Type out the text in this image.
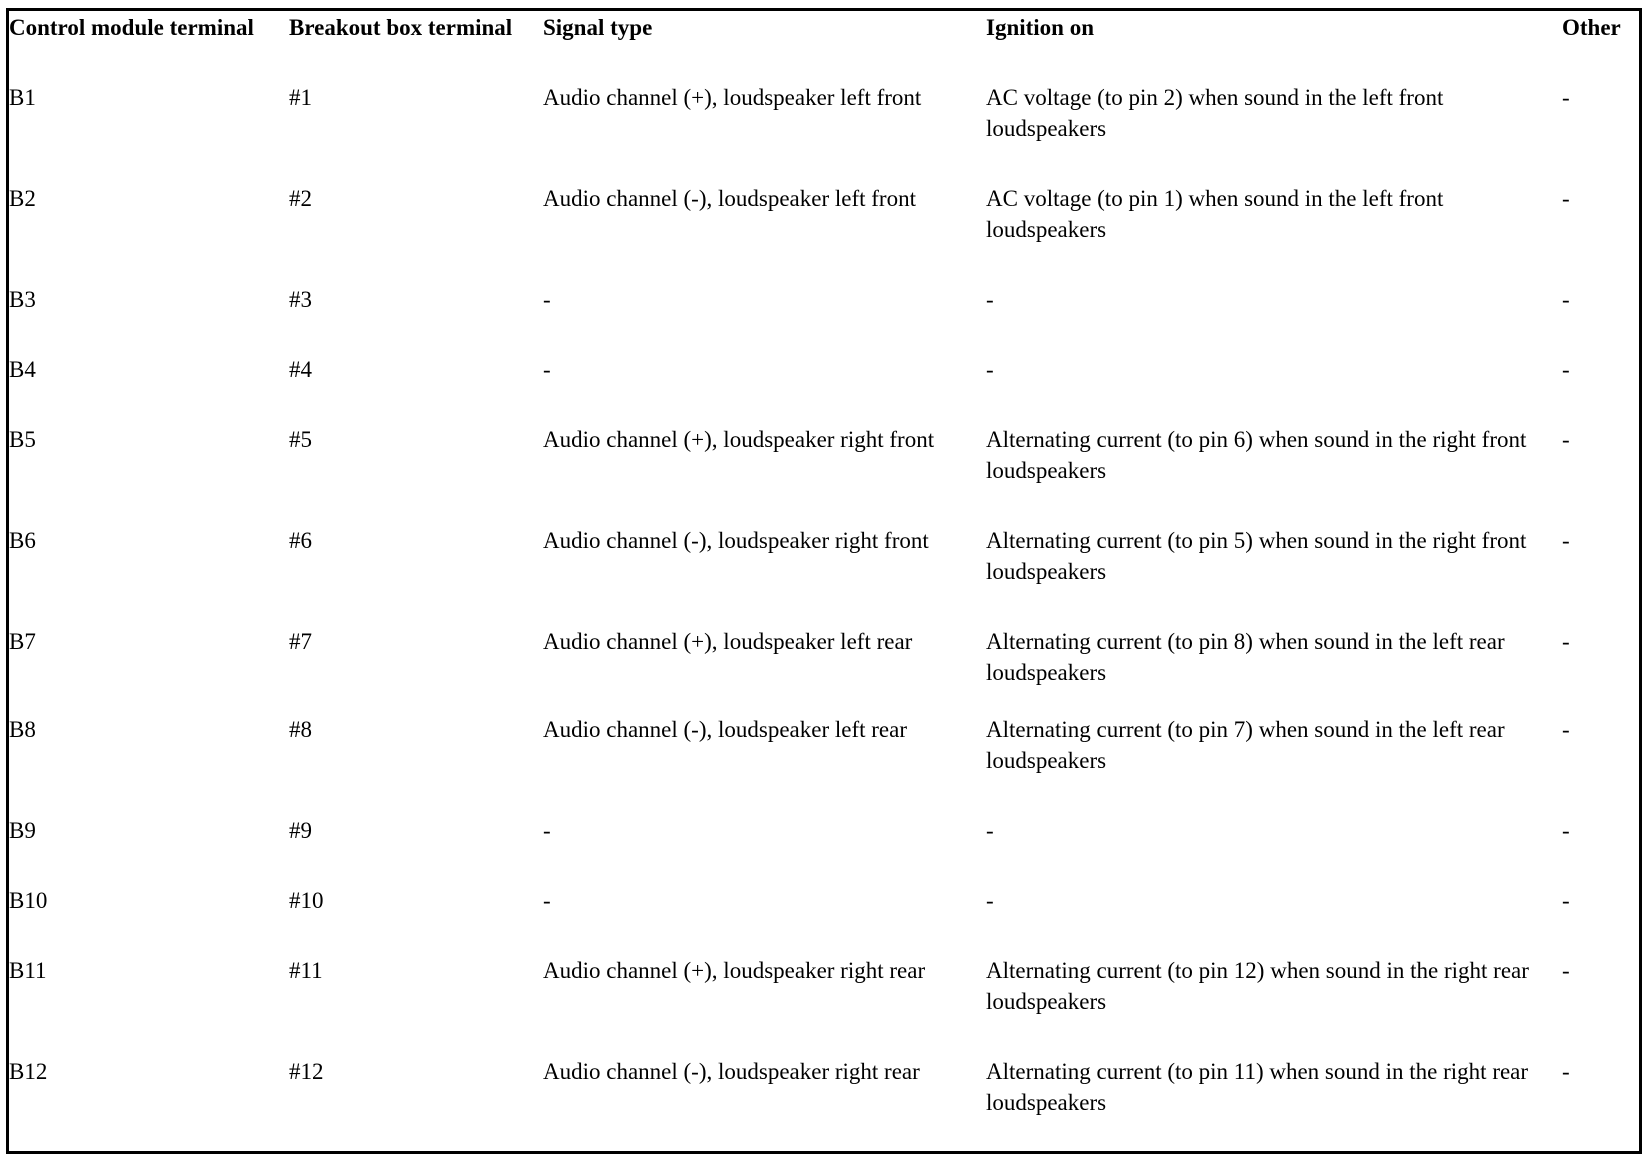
Control module terminal	Breakout box terminal	Signal type	Ignition on	Other
B1	#1	Audio channel (+), loudspeaker left front	AC voltage (to pin 2) when sound in the left front loudspeakers	-
B2	#2	Audio channel (-), loudspeaker left front	AC voltage (to pin 1) when sound in the left front loudspeakers	-
B3	#3	-	-	-
B4	#4	-	-	-
B5	#5	Audio channel (+), loudspeaker right front	Alternating current (to pin 6) when sound in the right front loudspeakers	-
B6	#6	Audio channel (-), loudspeaker right front	Alternating current (to pin 5) when sound in the right front loudspeakers	-
B7	#7	Audio channel (+), loudspeaker left rear	Alternating current (to pin 8) when sound in the left rear loudspeakers	-
B8	#8	Audio channel (-), loudspeaker left rear	Alternating current (to pin 7) when sound in the left rear loudspeakers	-
B9	#9	-	-	-
B10	#10	-	-	-
B11	#11	Audio channel (+), loudspeaker right rear	Alternating current (to pin 12) when sound in the right rear loudspeakers	-
B12	#12	Audio channel (-), loudspeaker right rear	Alternating current (to pin 11) when sound in the right rear loudspeakers	-
